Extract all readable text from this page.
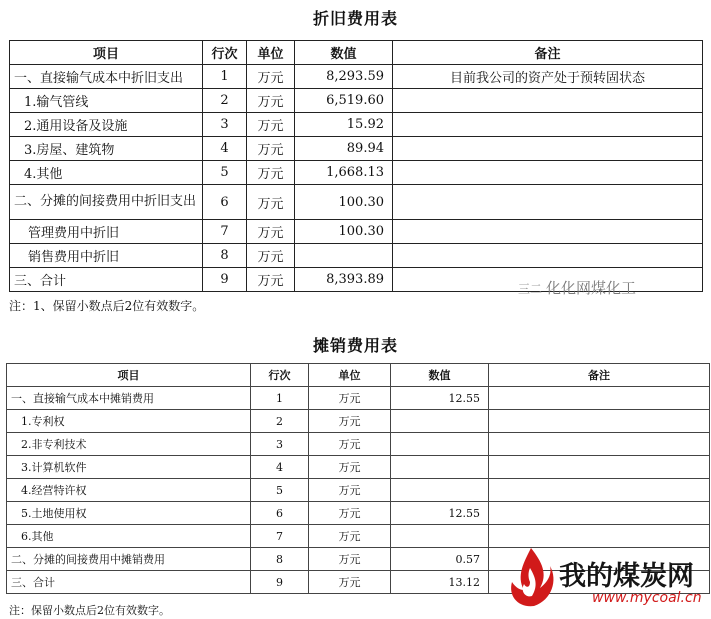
折旧费用表
项目	行次	单位	数值	备注
一、直接输气成本中折旧支出	1	万元	8,293.59	目前我公司的资产处于预转固状态
1.输气管线	2	万元	6,519.60	
2.通用设备及设施	3	万元	15.92	
3.房屋、建筑物	4	万元	89.94	
4.其他	5	万元	1,668.13	
二、分摊的间接费用中折旧支出	6	万元	100.30	
管理费用中折旧	7	万元	100.30	
销售费用中折旧	8	万元		
三、合计	9	万元	8,393.89	
三二 化化网煤化工
注：1、保留小数点后2位有效数字。
摊销费用表
项目	行次	单位	数值	备注
一、直接输气成本中摊销费用	1	万元	12.55	
1.专利权	2	万元		
2.非专利技术	3	万元		
3.计算机软件	4	万元		
4.经营特许权	5	万元		
5.土地使用权	6	万元	12.55	
6.其他	7	万元		
二、分摊的间接费用中摊销费用	8	万元	0.57	
三、合计	9	万元	13.12	
注：保留小数点后2位有效数字。
我的煤炭网
www.mycoal.cn
